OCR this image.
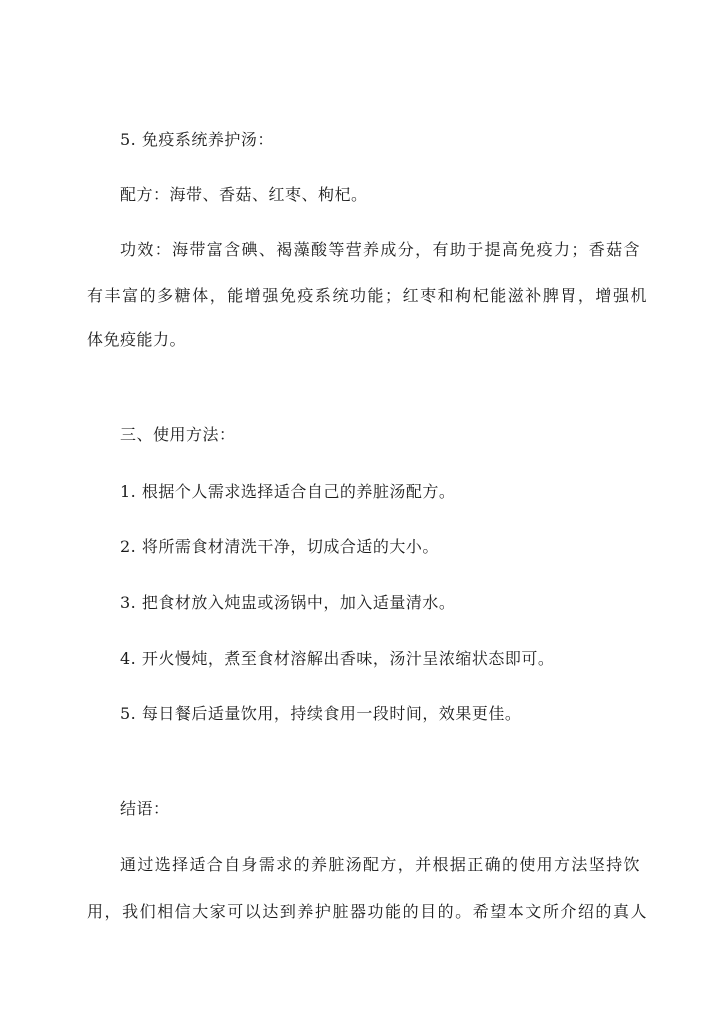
5. 免疫系统养护汤：
配方：海带、香菇、红枣、枸杞。
功效：海带富含碘、褐藻酸等营养成分，有助于提高免疫力；香菇含
有丰富的多糖体，能增强免疫系统功能；红枣和枸杞能滋补脾胃，增强机
体免疫能力。
三、使用方法：
1. 根据个人需求选择适合自己的养脏汤配方。
2. 将所需食材清洗干净，切成合适的大小。
3. 把食材放入炖盅或汤锅中，加入适量清水。
4. 开火慢炖，煮至食材溶解出香味，汤汁呈浓缩状态即可。
5. 每日餐后适量饮用，持续食用一段时间，效果更佳。
结语：
通过选择适合自身需求的养脏汤配方，并根据正确的使用方法坚持饮
用，我们相信大家可以达到养护脏器功能的目的。希望本文所介绍的真人
